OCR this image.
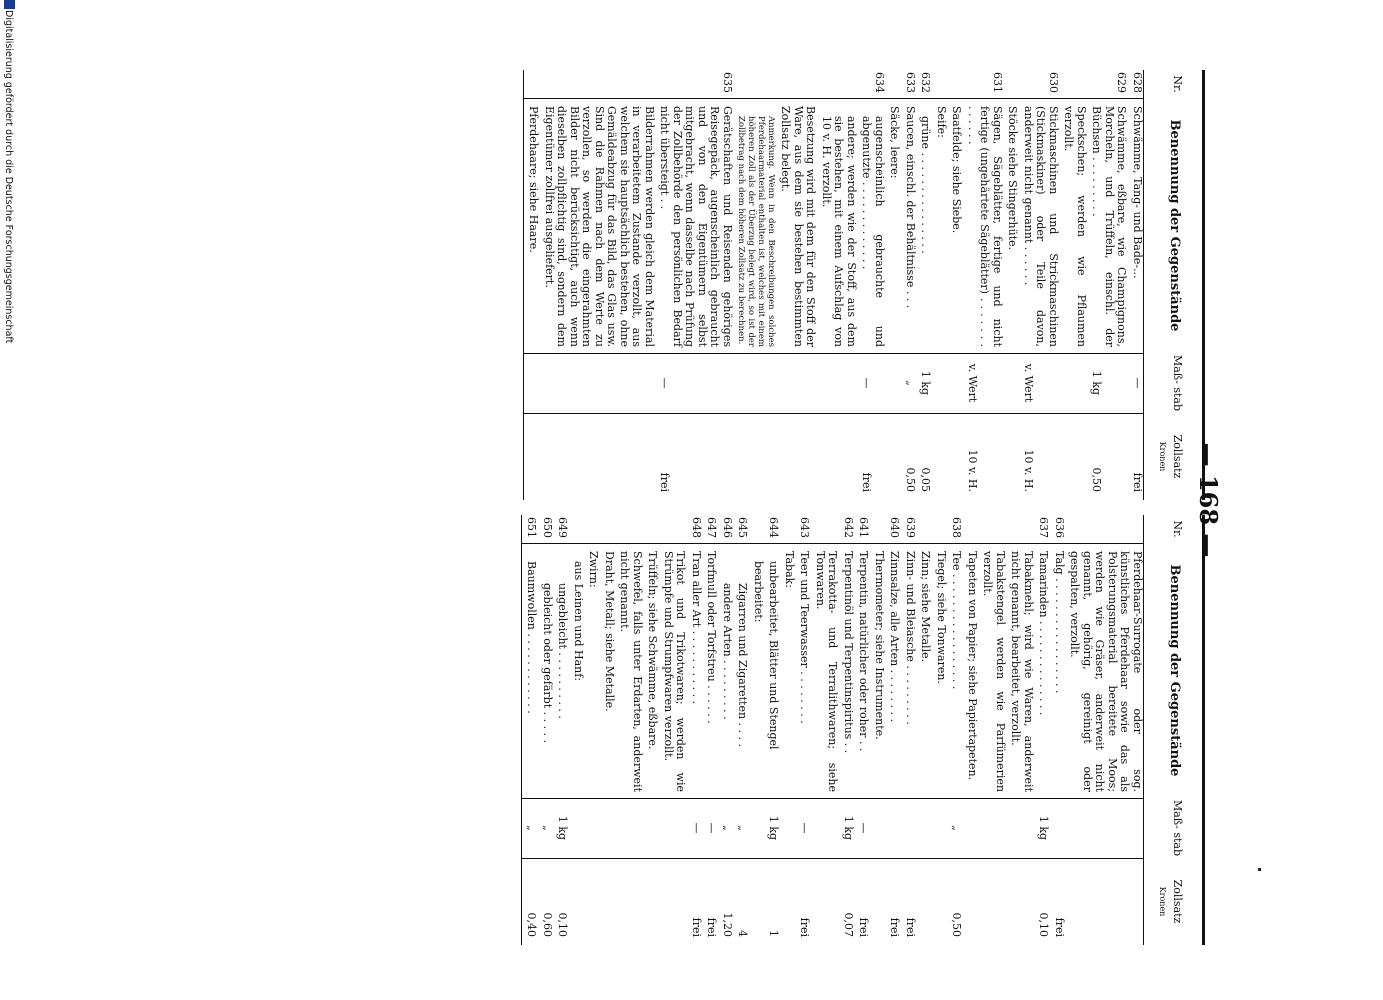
— 168 —
Nr.
Benennung der Gegenstände
Maß- stab
Zollsatz
Kronen
628
Schwämme, Tang- und Bade-...
—
frei
629
Schwämme, eßbare, wie Champignons, Morcheln, und Trüffeln, einschl. der Büchsen . . . . . . . . .
1 kg
0,50
Speckschen; werden wie Pflaumen verzollt.
630
Stickmaschinen und Strickmaschinen (Stickmaskiner) oder Teile davon, anderweit nicht genannt . . . . . .
v. Wert
10 v. H.
Stöcke siehe Stingerhüte.
631
Sägen, Sägeblätter, fertige und nicht fertige (ungehärtete Sägeblätter) . . . . . . . . . . . . .
v. Wert
10 v. H.
Saatfelde; siehe Siebe.
Seife:
632
grüne . . . . . . . . . . . . . . .
1 kg
0,05
633
Saucen, einschl. der Behältnisse . . .
„
0,50
Säcke, leere:
634
augenscheinlich gebrauchte und abgenutzte . . . . . . . . . . . . .
—
frei
andere; werden wie der Stoff, aus dem sie bestehen, mit einem Aufschlag von 10 v. H. verzollt.
Besetzung wird mit dem für den Stoff der Ware, aus dem sie bestehen bestimmten Zollsatz belegt.
Anmerkung. Wenn in den Beschreibungen solches Pferdehaarmaterial enthalten ist, welches mit einem höheren Zoll als der Überzug belegt wird, so ist der Zollbetrag nach dem höheren Zollsatz zu berechnen.
635
Gerätschaften und Reisenden gehöriges Reisegepäck, augenscheinlich gebraucht und von den Eigentümern selbst mitgebracht, wenn dasselbe nach Prüfung der Zollbehörde den persönlichen Bedarf nicht übersteigt . .
—
frei
Bilderrahmen werden gleich dem Material in verarbeitetem Zustande verzollt, aus welchem sie hauptsächlich bestehen, ohne Gemäldeabzug für das Bild, das Glas usw. Sind die Rahmen nach dem Werte zu verzollen, so werden die eingerahmten Bilder nicht berücksichtigt, auch wenn dieselben zollpflichtig sind, sondern dem Eigentümer zollfrei ausgeliefert.
Pferdehaare; siehe Haare.
Nr.
Benennung der Gegenstände
Maß- stab
Zollsatz
Kronen
Pferdehaar-Surrogate oder sog. künstliches Pferdehaar sowie das als Polsterungsmaterial bereitete Moos; werden wie Gräser, anderweit nicht genannt, gehörig, gereinigt oder gespalten, verzollt.
636
Talg . . . . . . . . . . . . . . . . .
frei
637
Tamarinden . . . . . . . . . . . . . .
1 kg
0,10
Tabakmehl; wird wie Waren, anderweit nicht genannt, bearbeitet, verzollt.
Tabakstengel werden wie Parfümerien verzollt.
Tapeten von Papier; siehe Papiertapeten.
638
Tee . . . . . . . . . . . . . . . . .
„
0,50
Tiegel; siehe Tonwaren.
Zinn; siehe Metalle.
639
Zinn- und Bleiasche . . . . . . . . .
frei
640
Zinnsalze, alle Arten . . . . . . . .
frei
Thermometer; siehe Instrumente.
641
Terpentin, natürlicher oder roher . .
—
frei
642
Terpentinöl und Terpentinspiritus . .
1 kg
0,07
Terrakotta- und Terralithwaren; siehe Tonwaren.
643
Teer und Teerwasser . . . . . . . .
—
frei
Tabak:
644
unbearbeitet, Blätter und Stengel
1 kg
1
bearbeitet:
645
Zigarren und Zigaretten . . . .
„
4
646
andere Arten . . . . . . . . .
„
1,20
647
Torfmull oder Torfstreu . . . . . .
—
frei
648
Tran aller Art . . . . . . . . . . .
—
frei
Trikot und Trikotwaren; werden wie Strümpfe und Strumpfwaren verzollt.
Trüffeln; siehe Schwämme, eßbare.
Schwefel, falls unter Erdarten, anderweit nicht genannt.
Draht, Metall; siehe Metalle.
Zwirn:
aus Leinen und Hanf:
649
ungebleicht . . . . . . . . . .
1 kg
0,10
650
gebleicht oder gefärbt . . . . .
„
0,60
651
Baumwollen . . . . . . . . . . . .
„
0,40
Digitalisierung gefördert durch die Deutsche Forschungsgemeinschaft
